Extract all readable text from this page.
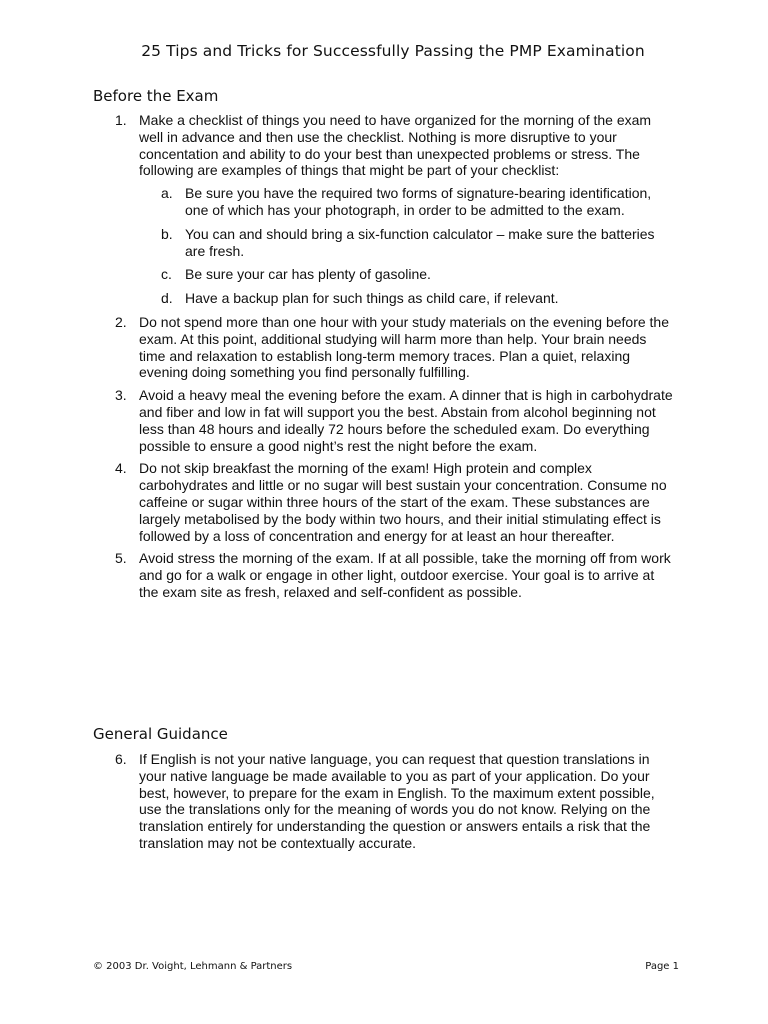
25 Tips and Tricks for Successfully Passing the PMP Examination
Before the Exam
1. Make a checklist of things you need to have organized for the morning of the exam well in advance and then use the checklist. Nothing is more disruptive to your concentation and ability to do your best than unexpected problems or stress. The following are examples of things that might be part of your checklist:
a. Be sure you have the required two forms of signature-bearing identification, one of which has your photograph, in order to be admitted to the exam.
b. You can and should bring a six-function calculator – make sure the batteries are fresh.
c. Be sure your car has plenty of gasoline.
d. Have a backup plan for such things as child care, if relevant.
2. Do not spend more than one hour with your study materials on the evening before the exam. At this point, additional studying will harm more than help. Your brain needs time and relaxation to establish long-term memory traces. Plan a quiet, relaxing evening doing something you find personally fulfilling.
3. Avoid a heavy meal the evening before the exam. A dinner that is high in carbohydrate and fiber and low in fat will support you the best. Abstain from alcohol beginning not less than 48 hours and ideally 72 hours before the scheduled exam. Do everything possible to ensure a good night’s rest the night before the exam.
4. Do not skip breakfast the morning of the exam! High protein and complex carbohydrates and little or no sugar will best sustain your concentration. Consume no caffeine or sugar within three hours of the start of the exam. These substances are largely metabolised by the body within two hours, and their initial stimulating effect is followed by a loss of concentration and energy for at least an hour thereafter.
5. Avoid stress the morning of the exam. If at all possible, take the morning off from work and go for a walk or engage in other light, outdoor exercise. Your goal is to arrive at the exam site as fresh, relaxed and self-confident as possible.
General Guidance
6. If English is not your native language, you can request that question translations in your native language be made available to you as part of your application. Do your best, however, to prepare for the exam in English. To the maximum extent possible, use the translations only for the meaning of words you do not know. Relying on the translation entirely for understanding the question or answers entails a risk that the translation may not be contextually accurate.
© 2003 Dr. Voight, Lehmann & Partners	Page 1
